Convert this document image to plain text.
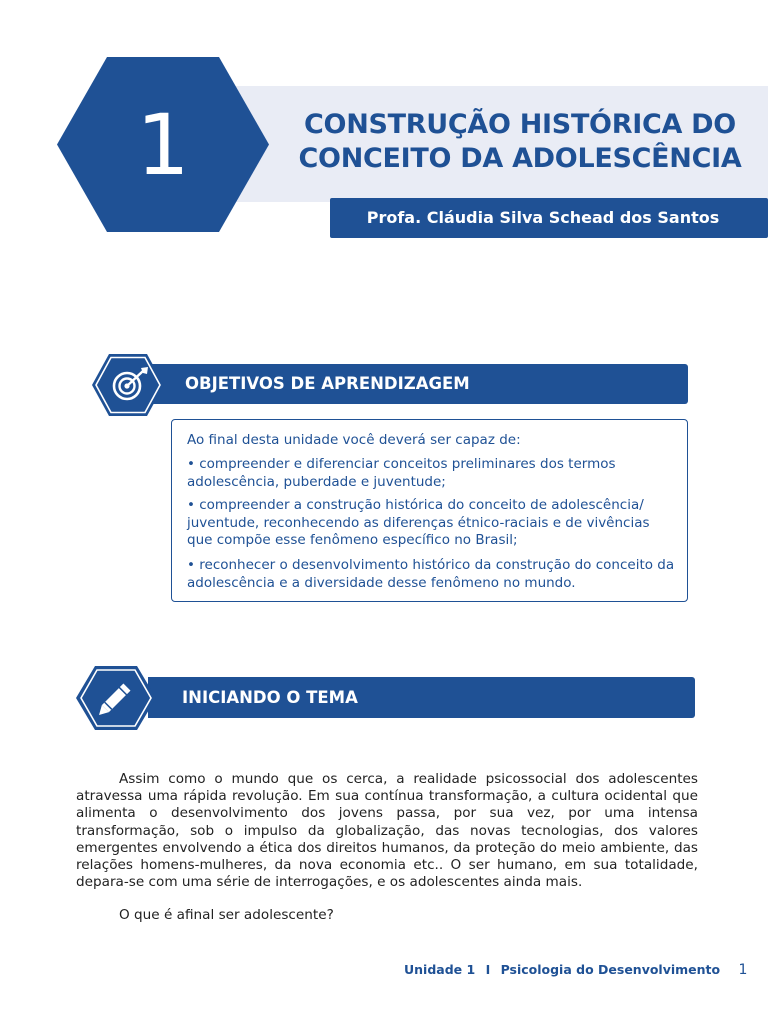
1	CONSTRUÇÃO HISTÓRICA DO
CONCEITO DA ADOLESCÊNCIA
Profa. Cláudia Silva Schead dos Santos Schiessl
OBJETIVOS DE APRENDIZAGEM
Ao final desta unidade você deverá ser capaz de:
• compreender e diferenciar conceitos preliminares dos termos adolescência, puberdade e juventude;
• compreender a construção histórica do conceito de adolescência/ juventude, reconhecendo as diferenças étnico-raciais e de vivências que compõe esse fenômeno específico no Brasil;
• reconhecer o desenvolvimento histórico da construção do conceito da adolescência e a diversidade desse fenômeno no mundo.
INICIANDO O TEMA
Assim como o mundo que os cerca, a realidade psicossocial dos adolescentes atravessa uma rápida revolução. Em sua contínua transformação, a cultura ocidental que alimenta o desenvolvimento dos jovens passa, por sua vez, por uma intensa transformação, sob o impulso da globalização, das novas tecnologias, dos valores emergentes envolvendo a ética dos direitos humanos, da proteção do meio ambiente, das relações homens-mulheres, da nova economia etc.. O ser humano, em sua totalidade, depara-se com uma série de interrogações, e os adolescentes ainda mais.
O que é afinal ser adolescente?
Unidade 1 I Psicologia do Desenvolvimento 1
